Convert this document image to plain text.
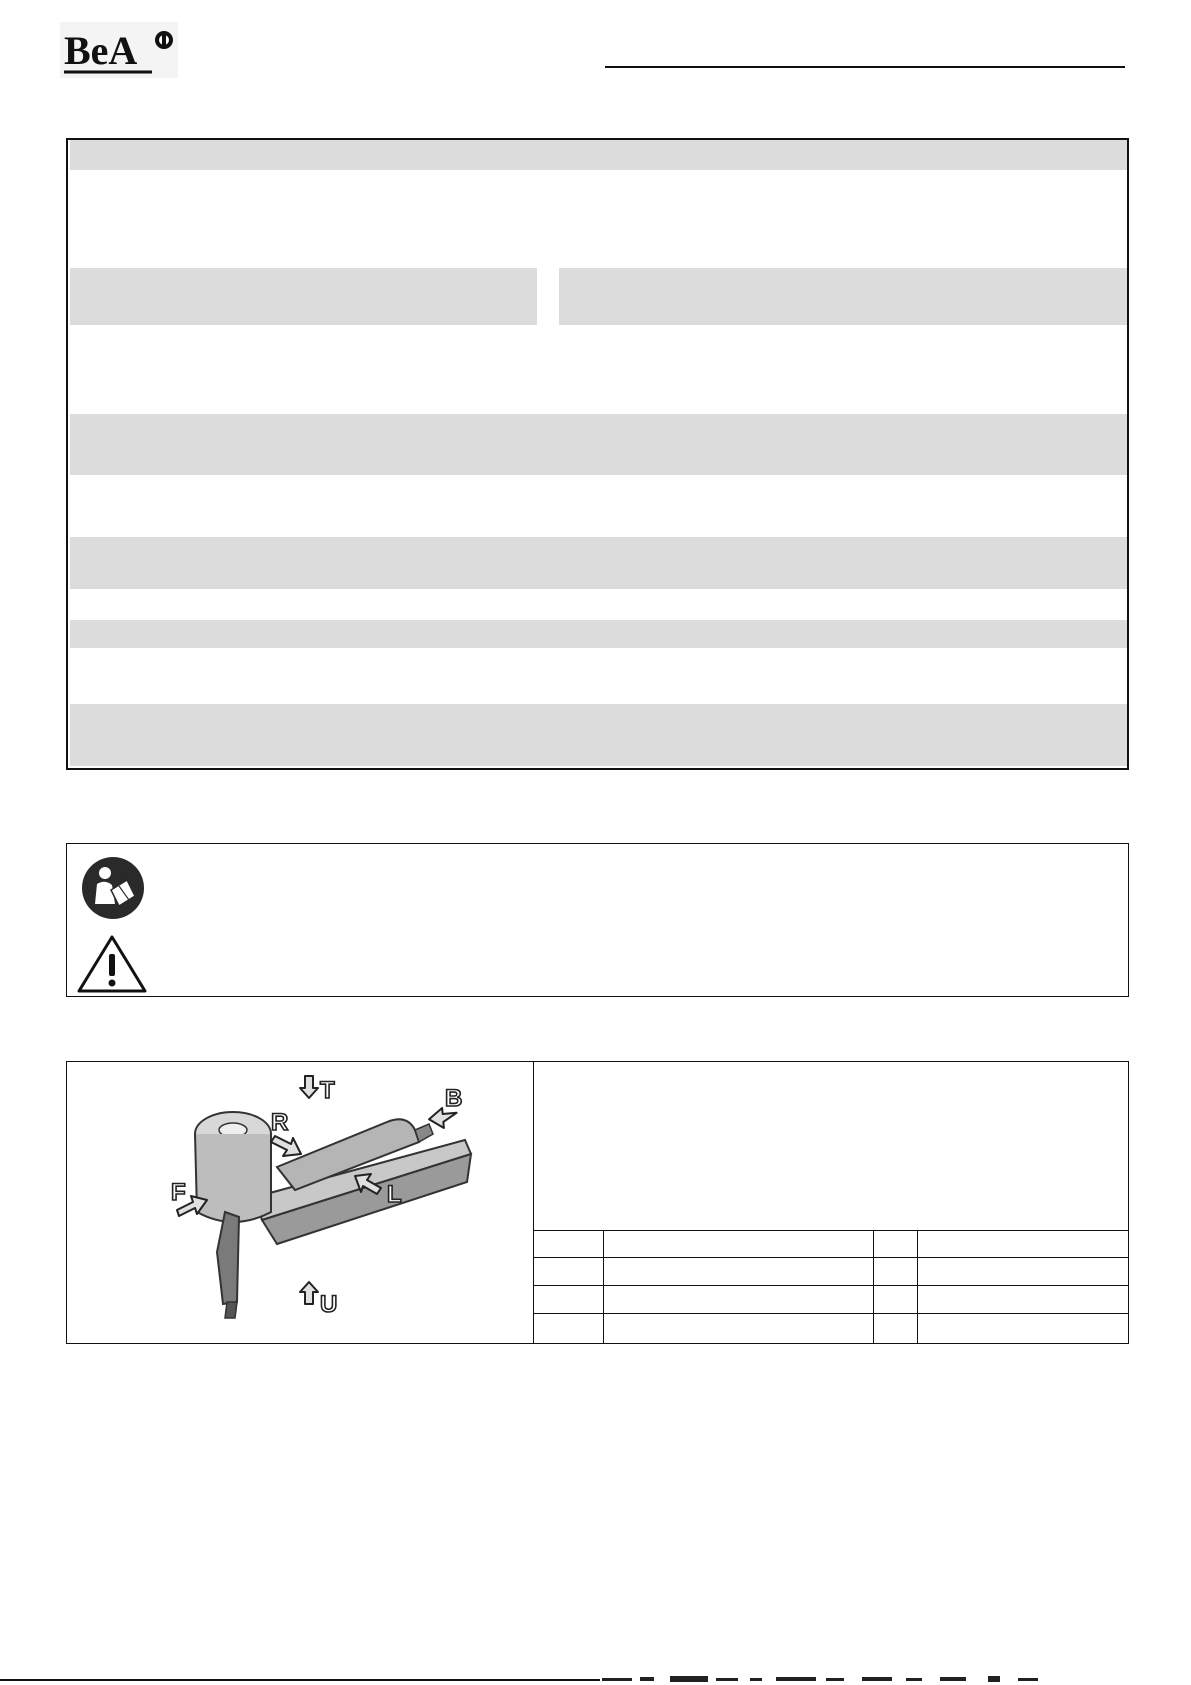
BeA
T	B
R
F	L
U
